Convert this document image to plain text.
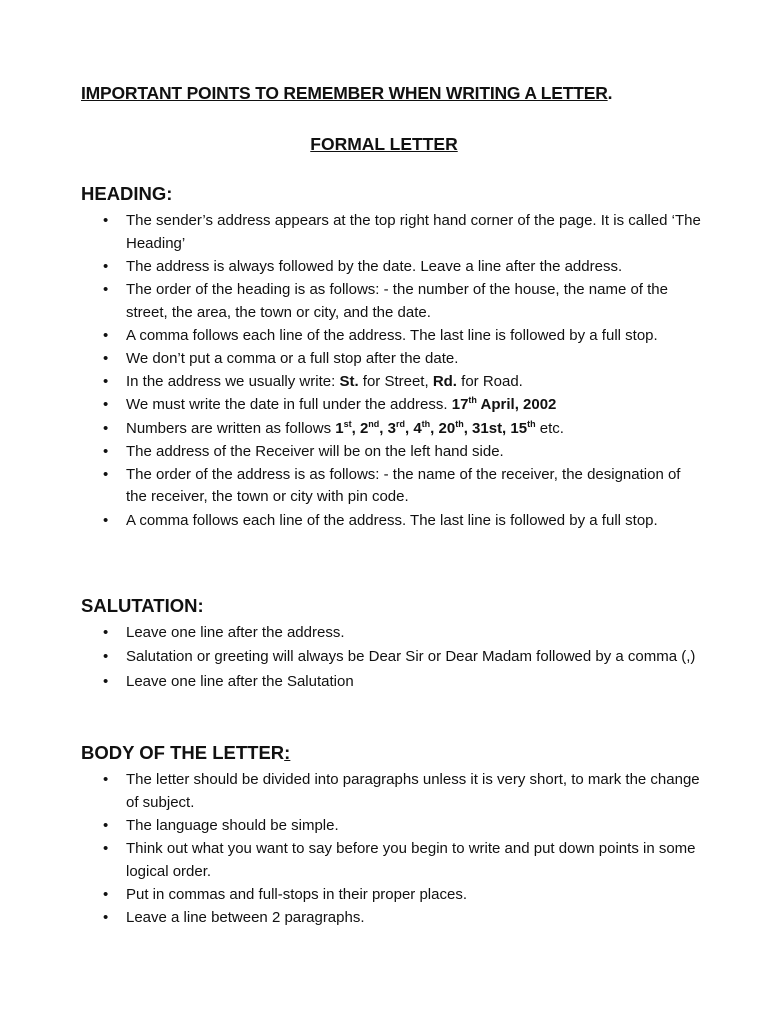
IMPORTANT POINTS TO REMEMBER WHEN WRITING A LETTER.
FORMAL LETTER
HEADING:
• The sender’s address appears at the top right hand corner of the page. It is called ‘The Heading’
• The address is always followed by the date. Leave a line after the address.
• The order of the heading is as follows: - the number of the house, the name of the street, the area, the town or city, and the date.
• A comma follows each line of the address. The last line is followed by a full stop.
• We don’t put a comma or a full stop after the date.
• In the address we usually write: St. for Street, Rd. for Road.
• We must write the date in full under the address. 17th April, 2002
• Numbers are written as follows 1st, 2nd, 3rd, 4th, 20th, 31st, 15th etc.
• The address of the Receiver will be on the left hand side.
• The order of the address is as follows: - the name of the receiver, the designation of the receiver, the town or city with pin code.
• A comma follows each line of the address. The last line is followed by a full stop.
SALUTATION:
• Leave one line after the address.
• Salutation or greeting will always be Dear Sir or Dear Madam followed by a comma (,)
• Leave one line after the Salutation
BODY OF THE LETTER:
• The letter should be divided into paragraphs unless it is very short, to mark the change of subject.
• The language should be simple.
• Think out what you want to say before you begin to write and put down points in some logical order.
• Put in commas and full-stops in their proper places.
• Leave a line between 2 paragraphs.
